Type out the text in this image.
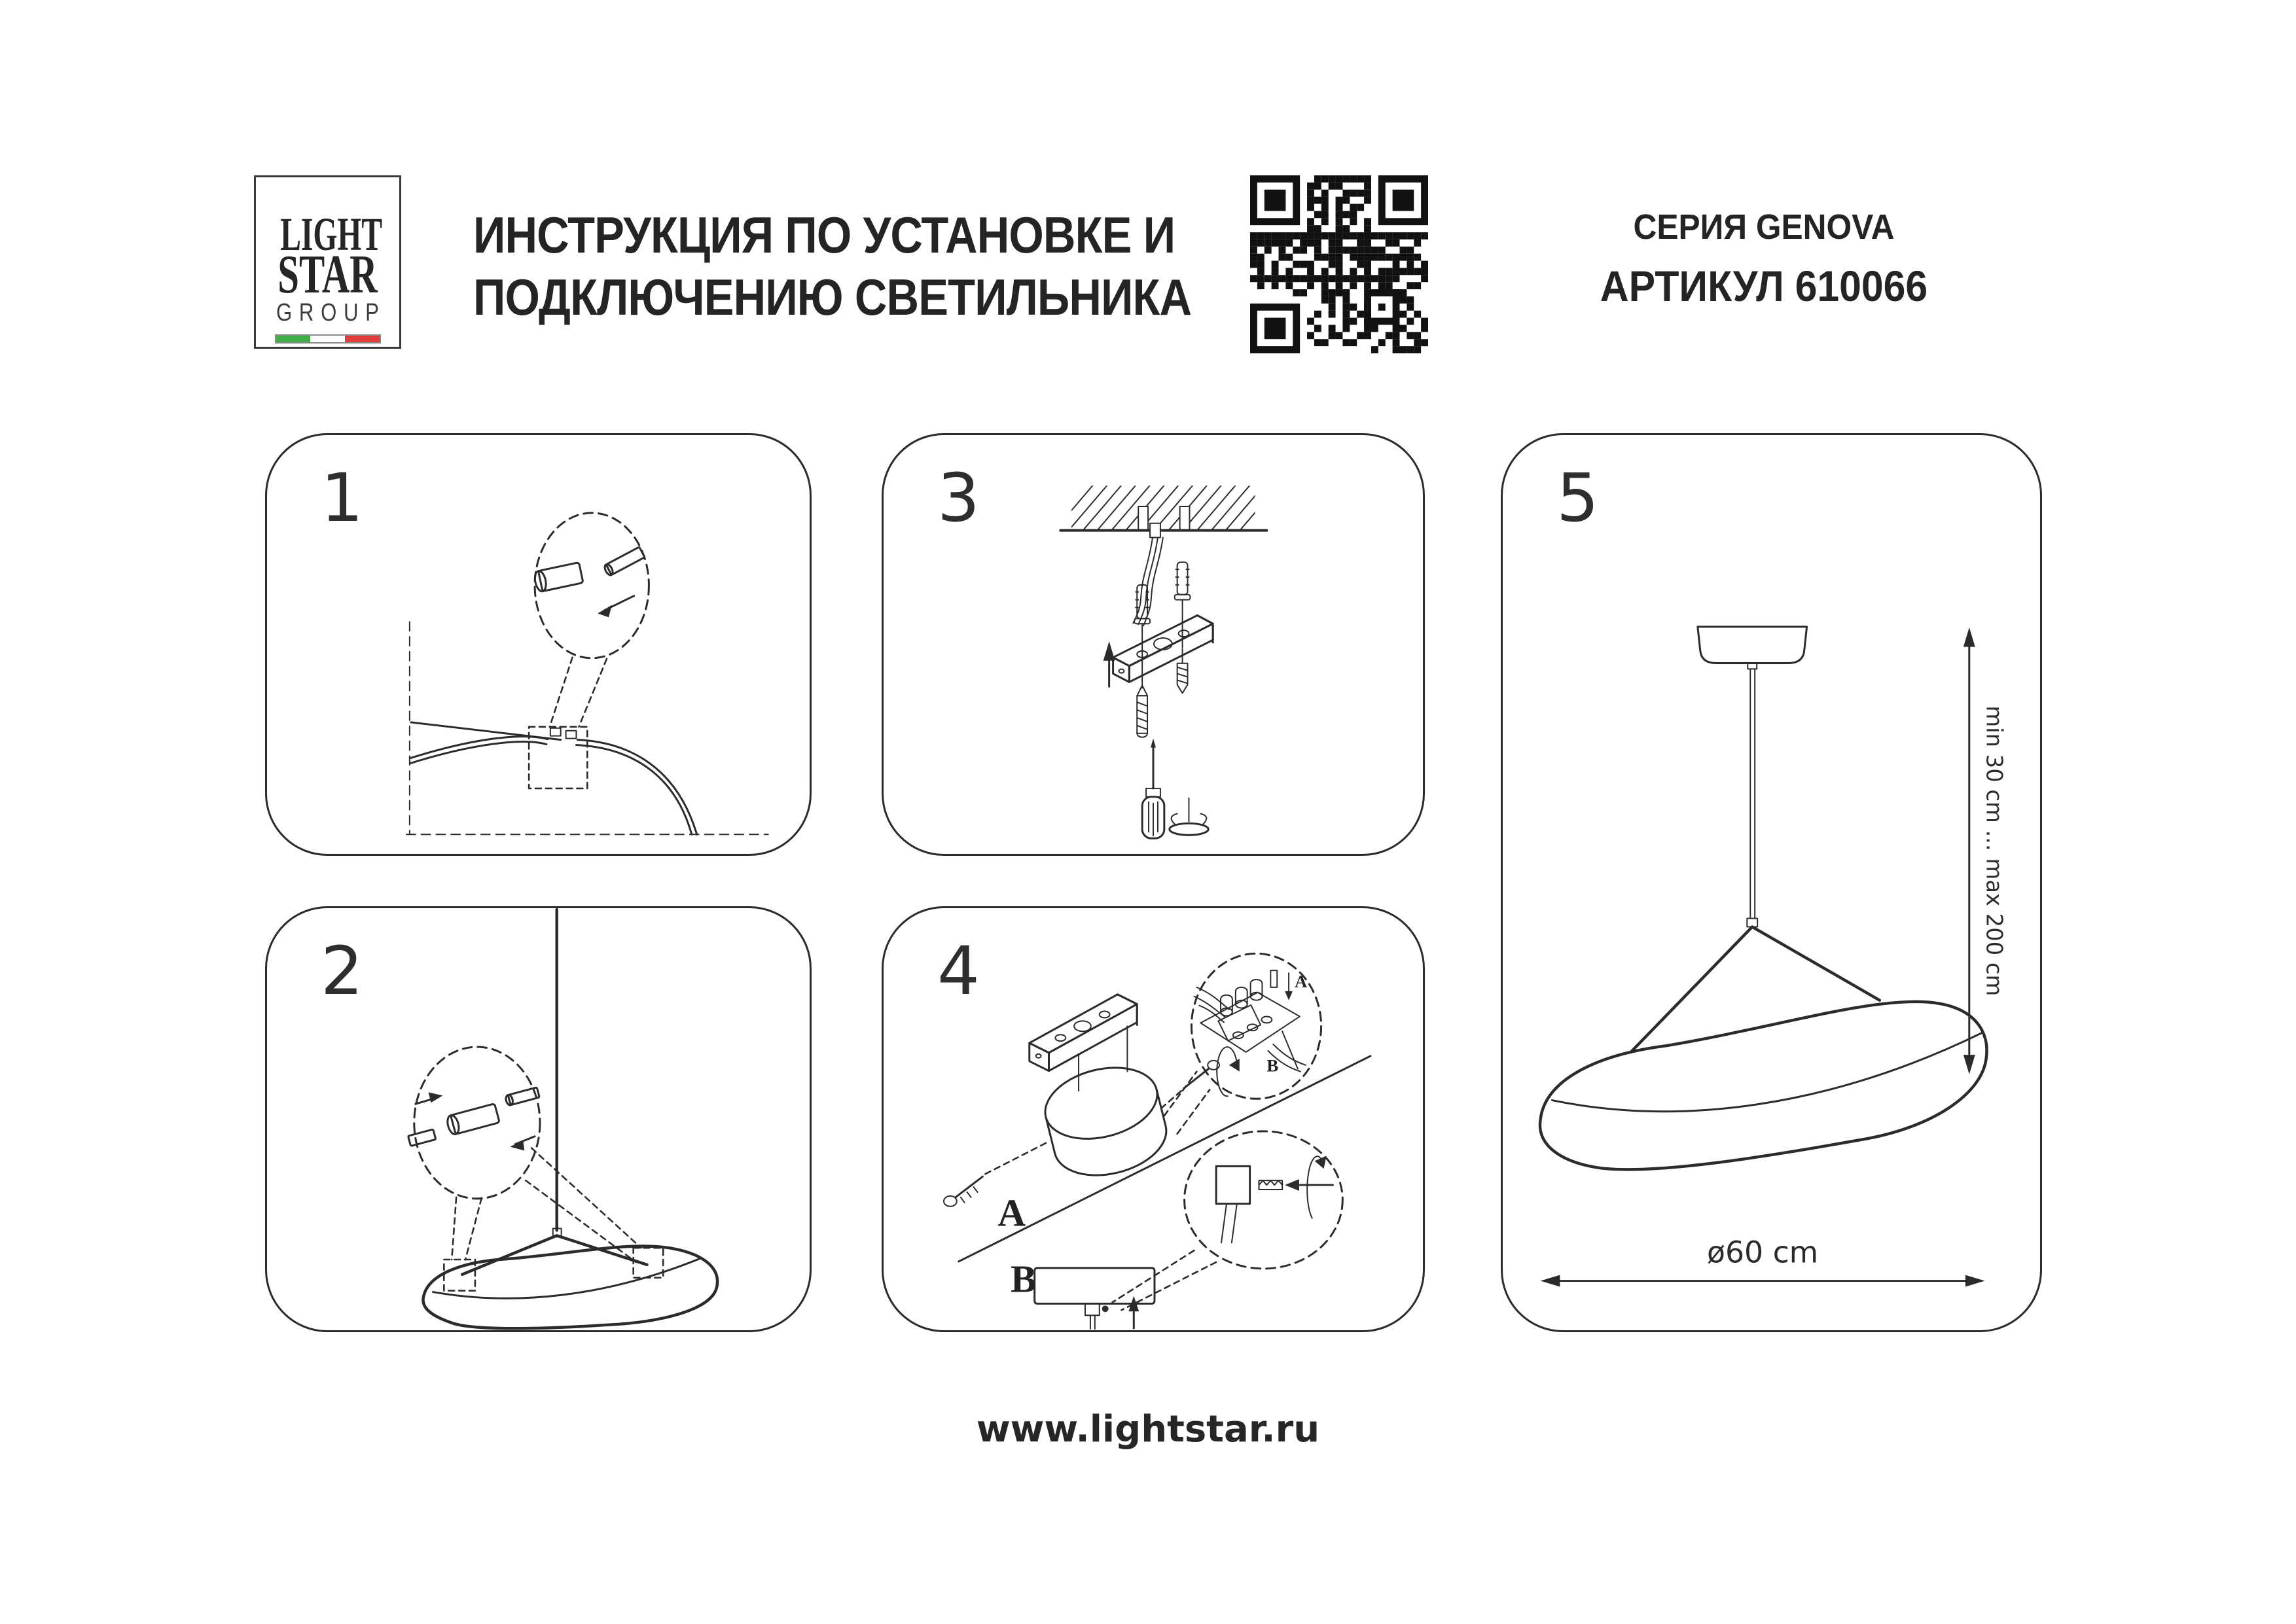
LIGHT
STAR
GROUP
ИНСТРУКЦИЯ ПО УСТАНОВКЕ И
ПОДКЛЮЧЕНИЮ СВЕТИЛЬНИКА
СЕРИЯ GENOVA
АРТИКУЛ 610066
1
2
3
4
A
B
A
B
5
min 30 cm ... max 200 cm
ø60 cm
www.lightstar.ru
